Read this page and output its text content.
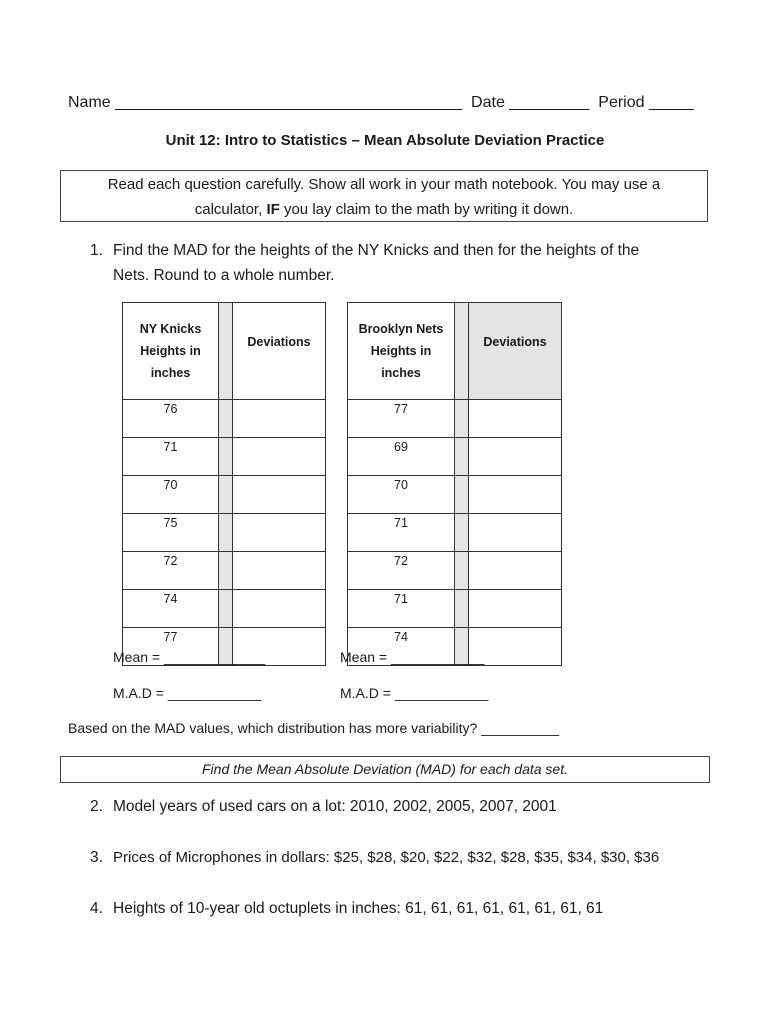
Name _______________________________________  Date _________  Period _____
Unit 12: Intro to Statistics – Mean Absolute Deviation Practice
Read each question carefully. Show all work in your math notebook. You may use a
calculator, IF you lay claim to the math by writing it down.
1. Find the MAD for the heights of the NY Knicks and then for the heights of the
Nets. Round to a whole number.
NY Knicks
Heights in
inches		Deviations
76		
71		
70		
75		
72		
74		
77		
Brooklyn Nets
Heights in
inches		Deviations
77		
69		
70		
71		
72		
71		
74		
Mean = _____________	Mean = ____________
M.A.D = ____________	M.A.D = ____________
Based on the MAD values, which distribution has more variability? __________
Find the Mean Absolute Deviation (MAD) for each data set.
2. Model years of used cars on a lot: 2010, 2002, 2005, 2007, 2001
3. Prices of Microphones in dollars: $25, $28, $20, $22, $32, $28, $35, $34, $30, $36
4. Heights of 10-year old octuplets in inches: 61, 61, 61, 61, 61, 61, 61, 61
